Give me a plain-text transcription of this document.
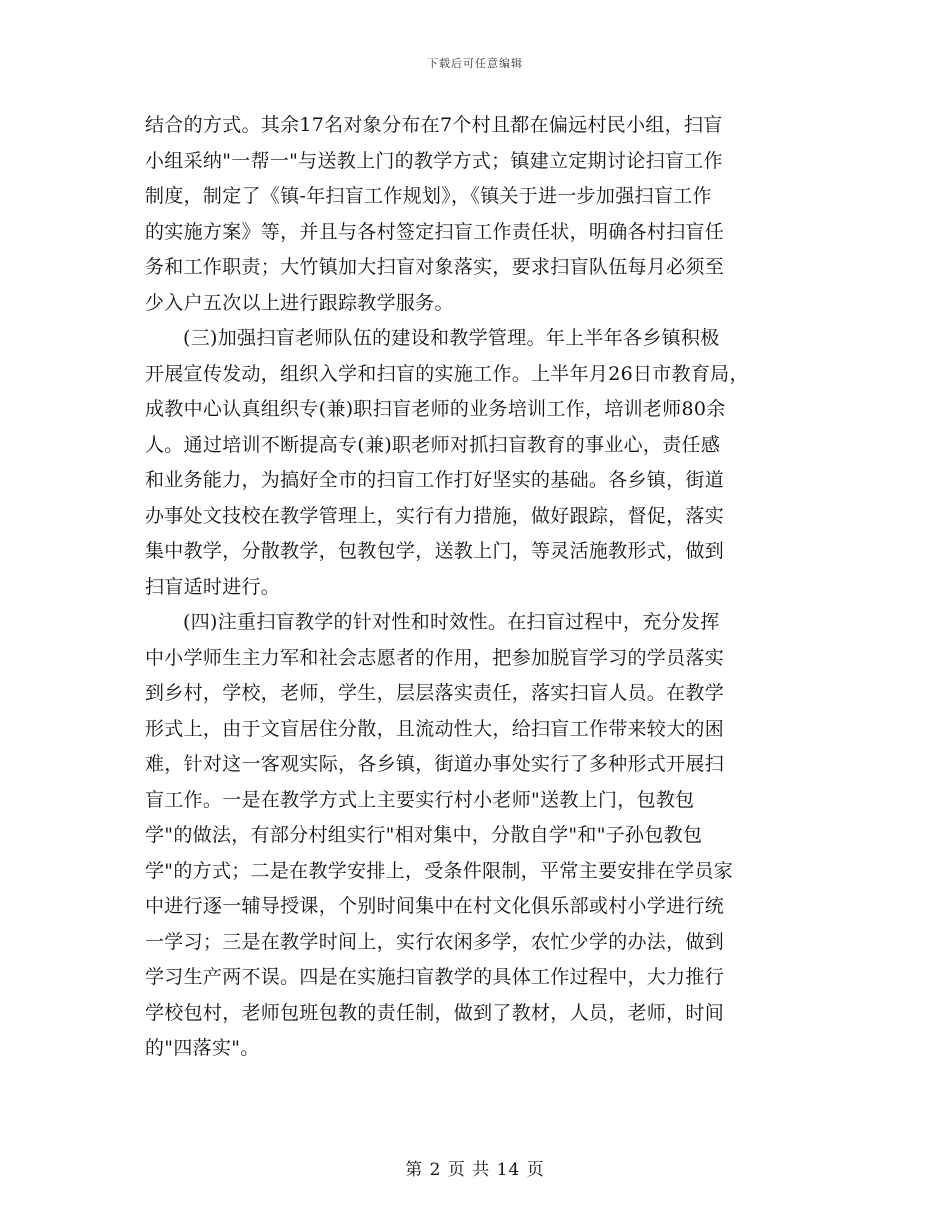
下载后可任意编辑
结合的方式。其余17名对象分布在7个村且都在偏远村民小组，扫盲
小组采纳"一帮一"与送教上门的教学方式；镇建立定期讨论扫盲工作
制度，制定了《镇-年扫盲工作规划》，《镇关于进一步加强扫盲工作
的实施方案》等，并且与各村签定扫盲工作责任状，明确各村扫盲任
务和工作职责；大竹镇加大扫盲对象落实，要求扫盲队伍每月必须至
少入户五次以上进行跟踪教学服务。
(三)加强扫盲老师队伍的建设和教学管理。年上半年各乡镇积极
开展宣传发动，组织入学和扫盲的实施工作。上半年月26日市教育局，
成教中心认真组织专(兼)职扫盲老师的业务培训工作，培训老师80余
人。通过培训不断提高专(兼)职老师对抓扫盲教育的事业心，责任感
和业务能力，为搞好全市的扫盲工作打好坚实的基础。各乡镇，街道
办事处文技校在教学管理上，实行有力措施，做好跟踪，督促，落实
集中教学，分散教学，包教包学，送教上门，等灵活施教形式，做到
扫盲适时进行。
(四)注重扫盲教学的针对性和时效性。在扫盲过程中，充分发挥
中小学师生主力军和社会志愿者的作用，把参加脱盲学习的学员落实
到乡村，学校，老师，学生，层层落实责任，落实扫盲人员。在教学
形式上，由于文盲居住分散，且流动性大，给扫盲工作带来较大的困
难，针对这一客观实际，各乡镇，街道办事处实行了多种形式开展扫
盲工作。一是在教学方式上主要实行村小老师"送教上门，包教包
学"的做法，有部分村组实行"相对集中，分散自学"和"子孙包教包
学"的方式；二是在教学安排上，受条件限制，平常主要安排在学员家
中进行逐一辅导授课，个别时间集中在村文化俱乐部或村小学进行统
一学习；三是在教学时间上，实行农闲多学，农忙少学的办法，做到
学习生产两不误。四是在实施扫盲教学的具体工作过程中，大力推行
学校包村，老师包班包教的责任制，做到了教材，人员，老师，时间
的"四落实"。
第 2 页 共 14 页
